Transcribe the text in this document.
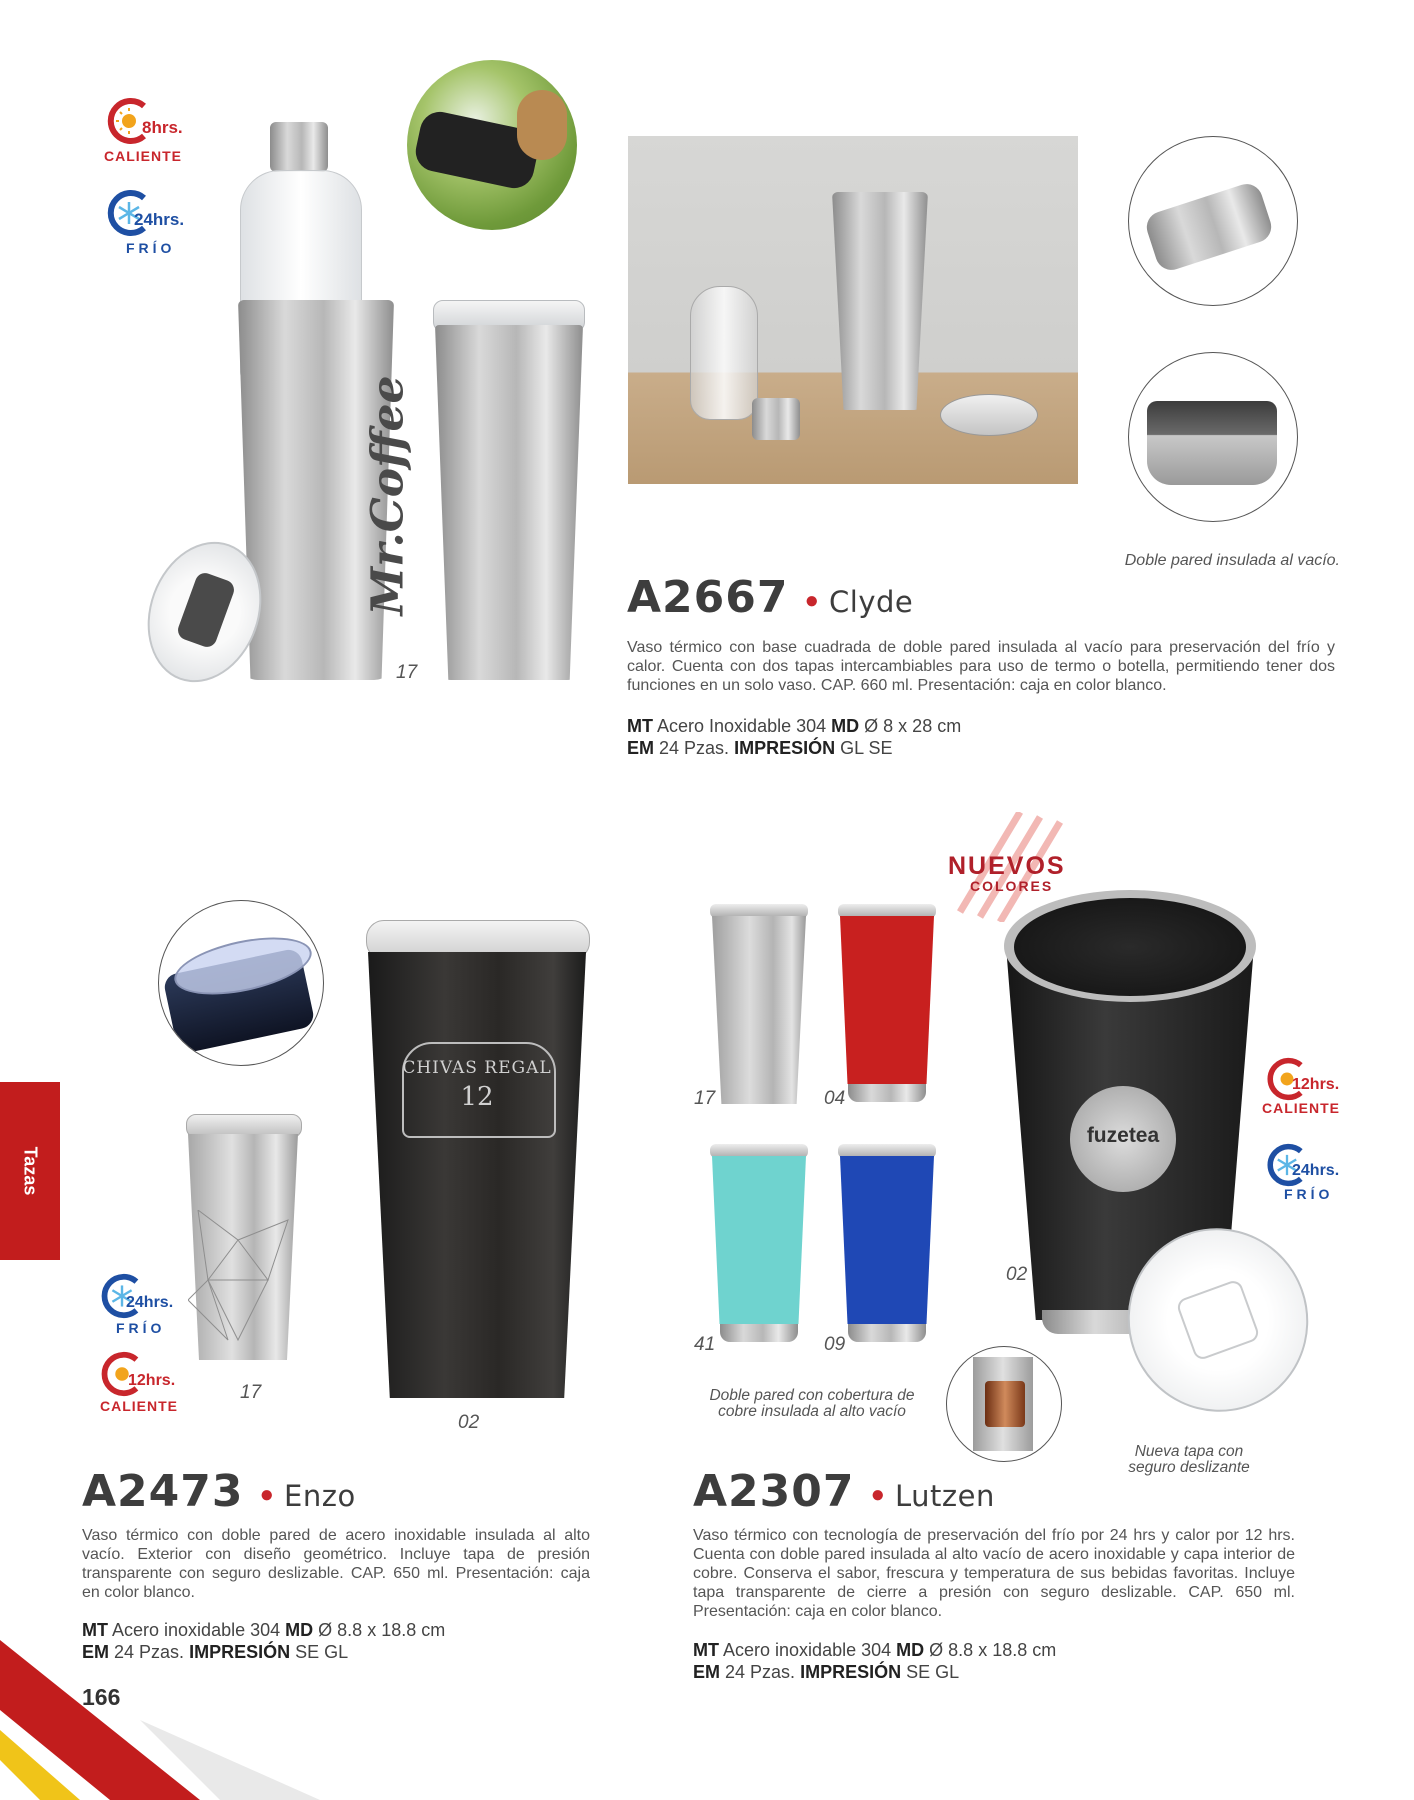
8hrs.
CALIENTE
24hrs.
FRÍO
Mr.Coffee
17
Doble pared insulada al vacío.
A2667 ● Clyde
Vaso térmico con base cuadrada de doble pared insulada al vacío para preservación del frío y calor. Cuenta con dos tapas intercambiables para uso de termo o botella, permitiendo tener dos funciones en un solo vaso. CAP. 660 ml. Presentación: caja en color blanco.
MT Acero Inoxidable 304 MD Ø 8 x 28 cm
EM 24 Pzas. IMPRESIÓN GL SE
CHIVAS REGAL
12
24hrs.
FRÍO
12hrs.
CALIENTE
17
02
A2473 ● Enzo
Vaso térmico con doble pared de acero inoxidable insulada al alto vacío. Exterior con diseño geométrico. Incluye tapa de presión transparente con seguro deslizable. CAP. 650 ml. Presentación: caja en color blanco.
MT Acero inoxidable 304 MD Ø 8.8 x 18.8 cm
EM 24 Pzas. IMPRESIÓN SE GL
NUEVOS
COLORES
17	04
41	09
fuzetea
02
12hrs.
CALIENTE
24hrs.
FRÍO
Doble pared con cobertura de cobre insulada al alto vacío
Nueva tapa con seguro deslizante
A2307 ● Lutzen
Vaso térmico con tecnología de preservación del frío por 24 hrs y calor por 12 hrs. Cuenta con doble pared insulada al alto vacío de acero inoxidable y capa interior de cobre. Conserva el sabor, frescura y temperatura de sus bebidas favoritas. Incluye tapa transparente de cierre a presión con seguro deslizable. CAP. 650 ml. Presentación: caja en color blanco.
MT Acero inoxidable 304 MD Ø 8.8 x 18.8 cm
EM 24 Pzas. IMPRESIÓN SE GL
Tazas
166
